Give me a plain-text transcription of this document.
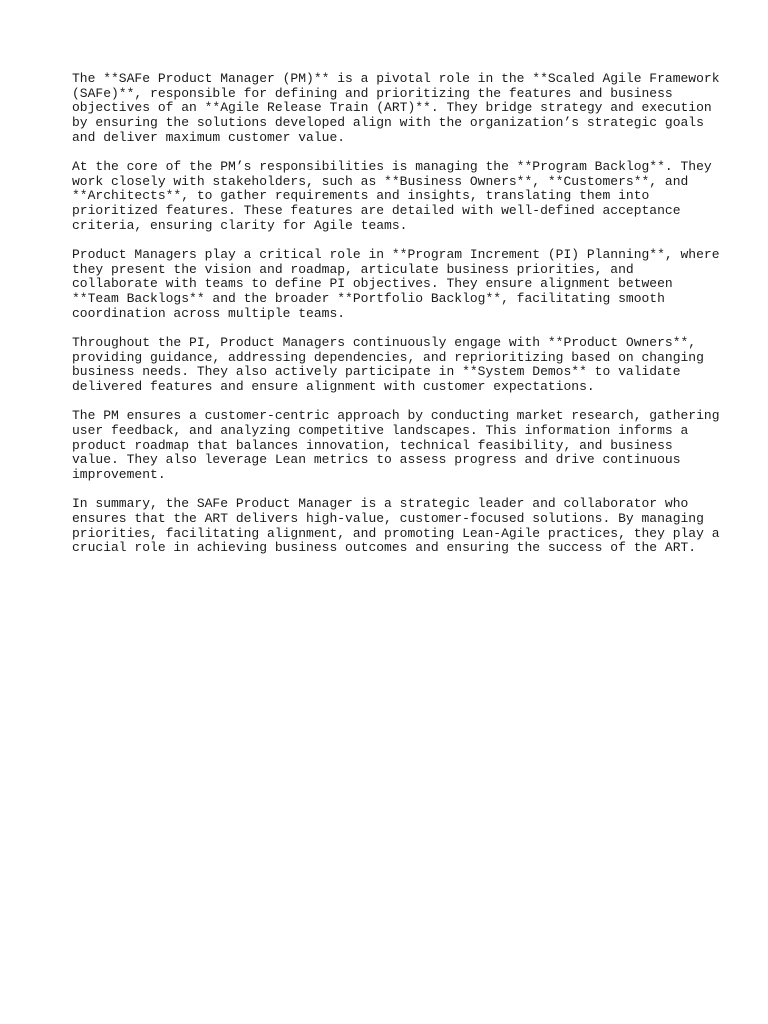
The **SAFe Product Manager (PM)** is a pivotal role in the **Scaled Agile Framework
(SAFe)**, responsible for defining and prioritizing the features and business
objectives of an **Agile Release Train (ART)**. They bridge strategy and execution
by ensuring the solutions developed align with the organization’s strategic goals
and deliver maximum customer value.

At the core of the PM’s responsibilities is managing the **Program Backlog**. They
work closely with stakeholders, such as **Business Owners**, **Customers**, and
**Architects**, to gather requirements and insights, translating them into
prioritized features. These features are detailed with well-defined acceptance
criteria, ensuring clarity for Agile teams.

Product Managers play a critical role in **Program Increment (PI) Planning**, where
they present the vision and roadmap, articulate business priorities, and
collaborate with teams to define PI objectives. They ensure alignment between
**Team Backlogs** and the broader **Portfolio Backlog**, facilitating smooth
coordination across multiple teams.

Throughout the PI, Product Managers continuously engage with **Product Owners**,
providing guidance, addressing dependencies, and reprioritizing based on changing
business needs. They also actively participate in **System Demos** to validate
delivered features and ensure alignment with customer expectations.

The PM ensures a customer-centric approach by conducting market research, gathering
user feedback, and analyzing competitive landscapes. This information informs a
product roadmap that balances innovation, technical feasibility, and business
value. They also leverage Lean metrics to assess progress and drive continuous
improvement.

In summary, the SAFe Product Manager is a strategic leader and collaborator who
ensures that the ART delivers high-value, customer-focused solutions. By managing
priorities, facilitating alignment, and promoting Lean-Agile practices, they play a
crucial role in achieving business outcomes and ensuring the success of the ART.
